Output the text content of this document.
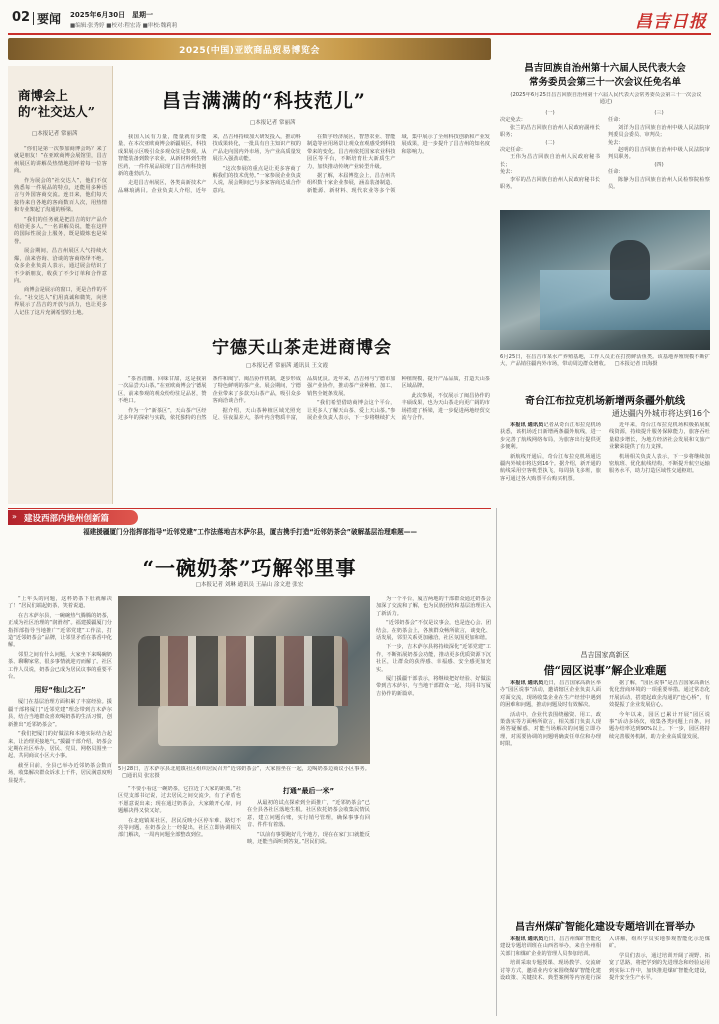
02 要闻 2025年6月30日 星期一
■编辑:张秀婷 ■校对:程宏涛 ■审校:魏莉莉	昌吉日报
2025(中国)亚欧商品贸易博览会
商博会上的“社交达人”
□本报记者 常丽茜

“你们是第一次参加商博会吗？来了就是朋友！”在亚欧商博会展馆里，昌吉州展区的讲解员热情地招呼着每一位客商。

作为展会的“社交达人”，他们不仅熟悉每一件展品的特点，还能用多种语言与外国客商交流。连日来，他们每天接待来自各地的客商数百人次，用热情和专业架起了沟通的桥梁。

“我们的任务就是把昌吉的好产品介绍给更多人。”一名讲解员说，能在这样的国际性展会上服务，既是锻炼也是荣誉。

展会期间，昌吉州展区人气持续火爆，前来咨询、洽谈的客商络绎不绝。众多企业负责人表示，通过展会结识了不少新朋友，收获了不少订单和合作意向。

商博会是展示的窗口，更是合作的平台。“社交达人”们用真诚和微笑，向世界展示了昌吉的开放与活力，也让更多人记住了这片充满希望的土地。

昌吉满满的“科技范儿”
□本报记者 常丽茜

我国人民有力量，能量就有步能量，在本次亚欧商博会新疆展区，科技成果展示区吸引众多观众驻足参观。从智能装备到数字农业，从新材料到生物医药，一件件展品展现了昌吉州科技创新的蓬勃活力。

走进昌吉州展区，各类高新技术产品琳琅满目。企业负责人介绍，近年来，昌吉州持续加大研发投入，推动科技成果转化，一批具有自主知识产权的产品走向国内外市场，为产业高质量发展注入强劲动能。

“这次参展的重点是让更多客商了解我们的技术优势。”一家参展企业负责人说，展会期间已与多家客商达成合作意向。

在数字经济展区，智慧农业、智能制造等应用场景让观众直观感受到科技带来的变化。昌吉州依托国家农业科技园区等平台，不断培育壮大新质生产力，加快推动传统产业转型升级。

据了解，本届博览会上，昌吉州共组织数十家企业参展，涵盖装备制造、新能源、新材料、现代农业等多个领域，集中展示了全州科技创新和产业发展成果，进一步提升了昌吉州的知名度和影响力。

宁德天山茶走进商博会
□本报记者 常丽茜 通讯员 王文霞

“茶香清幽、回味甘甜，这是我第一次品尝天山茶。”在亚欧商博会宁德展区，前来参观的观众纷纷驻足品茗，赞不绝口。

作为一个“新茶区”，天山茶产区经过多年的探索与实践，依托独特的自然条件和闽宁、闽昌协作机制，逐步形成了特色鲜明的茶产业。展会期间，宁德企业带来了多款天山茶产品，吸引众多客商洽谈合作。

据介绍，天山茶种植区域光照充足、昼夜温差大，茶叶内含物质丰富，品质优良。近年来，昌吉州与宁德市加强产业协作，推动茶产业种植、加工、销售全链条发展。

“我们希望借助商博会这个平台，让更多人了解天山茶、爱上天山茶。”参展企业负责人表示，下一步将继续扩大种植规模，提升产品品质，打造天山茶区域品牌。

此次参展，不仅展示了闽昌协作的丰硕成果，也为天山茶走向更广阔的市场搭建了桥梁，进一步促进两地经贸交流与合作。

昌吉回族自治州第十六届人民代表大会
常务委员会第三十一次会议任免名单
(2025年6月25日昌吉回族自治州第十六届人民代表大会常务委员会第三十一次会议通过)
(一)
决定免去：
张兰的昌吉回族自治州人民政府副州长职务；
(二)
决定任命：
王伟为昌吉回族自治州人民政府秘书长；
免去：
李军的昌吉回族自治州人民政府秘书长职务。
(三)
任命：
刘洋为昌吉回族自治州中级人民法院审判委员会委员、审判员；
免去：
赵明的昌吉回族自治州中级人民法院审判员职务。
(四)
任命：
陈静为昌吉回族自治州人民检察院检察员。
6月25日，在昌吉市某水产养殖基地，工作人员正在打捞鲜活鱼类。该基地养殖规模不断扩大，产品销往疆内外市场，带动周边群众增收。 □本报记者 田海摄
奇台江布拉克机场新增两条疆外航线
通达疆内外城市将达到16个

本报讯 通讯员记者从奇台江布拉克机场获悉，该机场近日新增两条疆外航线，进一步完善了航线网络布局，为旅客出行提供更多便利。

新航线开通后，奇台江布拉克机场通达疆内外城市将达到16个。据介绍，新开通的航线采用空客机型执飞，每周执飞多班，旅客可通过各大购票平台购买机票。

近年来，奇台江布拉克机场积极拓展航线资源，持续提升服务保障能力，旅客吞吐量稳步增长，为地方经济社会发展和文旅产业繁荣提供了有力支撑。

机场相关负责人表示，下一步将继续加密航班、优化航线结构，不断提升航空运输服务水平，助力打造区域性交通枢纽。

» 建设西部内地州创新篇
福建援疆厦门分指挥部指导“近邻党建”工作法落地吉木萨尔县，厦吉携手打造“近邻奶茶会”破解基层治理难题——
“一碗奶茶”巧解邻里事
□本报记者 刘琳 通讯员 王晶山 涂文进 张宏

“上年头的问题，这杯奶茶下肚就解决了！”居民们端起奶茶，笑着说道。

在吉木萨尔县，一碗碗热气腾腾的奶茶，正成为社区治理的“润滑剂”。福建援疆厦门分指挥部指导当地推广“近邻党建”工作法，打造“近邻奶茶会”品牌，让邻里矛盾在茶香中化解。

邻里之间有什么问题，大家坐下来喝碗奶茶、聊聊家常，很多事情就迎刃而解了。社区工作人员说，奶茶会已成为居民议事的重要平台。

用好“他山之石”

厦门在基层治理方面积累了丰富经验。援疆干部将厦门“近邻党建”理念带到吉木萨尔县，结合当地群众喜欢喝奶茶的生活习惯，创新推出“近邻奶茶会”。

“我们把厦门的好做法和本地实际结合起来，让治理更接地气。”援疆干部介绍，奶茶会定期在社区举办，居民、党员、网格员围坐一起，共同商议小区大小事。

截至目前，全县已举办近邻奶茶会数百场，收集解决群众诉求上千件，居民满意度明显提升。

5月28日，吉木萨尔县北庭镇社区组织居民召开“近邻奶茶会”，大家围坐在一起，边喝奶茶边商议小区事务。 □通讯员 张宏摄

“不要小看这一碗奶茶，它拉近了大家的距离。”社区党支部书记说，过去居民之间交流少，有了矛盾也不愿意说出来；现在通过奶茶会，大家敞开心扉，问题解决得又快又好。

在北庭镇某社区，居民反映小区停车难、路灯不亮等问题，在奶茶会上一经提出，社区立即协调相关部门解决，一周内问题全部整改到位。

打通“最后一米”

从最初的试点探索到全面推广，“近邻奶茶会”已在全县各社区落地生根。社区依托奶茶会收集民情民意，建立问题台账，实行销号管理，确保事事有回音、件件有着落。

“以前有事要跑好几个地方，现在在家门口就能反映，还能当面听到答复。”居民们说。

为一个平台，厦吉两地的干部群众通过奶茶会加深了交流和了解，也为民族团结和基层治理注入了新活力。

“近邻奶茶会”不仅是议事会，也是连心会、团结会。在奶茶会上，各族群众畅所欲言，谈变化、话发展，邻里关系更加融洽，社区氛围更加和谐。

下一步，吉木萨尔县将持续深化“近邻党建”工作，不断拓展奶茶会功能，推动更多优质资源下沉社区，让群众的获得感、幸福感、安全感更加充实。

厦门援疆干部表示，将继续把好经验、好做法带到吉木萨尔，与当地干部群众一起，共同书写厦吉协作的新篇章。

昌吉国家高新区
借“园区说事”解企业难题

本报讯 通讯员近日，昌吉国家高新区举办“园区说事”活动，邀请辖区企业负责人面对面交流，现场收集企业在生产经营中遇到的困难和问题，推动问题及时有效解决。

活动中，企业代表围绕融资、用工、政策落实等方面畅所欲言，相关部门负责人现场答疑解惑，对能当场解决的问题立即办理，对需要协调的问题明确责任单位和办理时限。

据了解，“园区说事”是昌吉国家高新区优化营商环境的一项重要举措。通过常态化开展活动，搭建起政企沟通的“连心桥”，有效提振了企业发展信心。

今年以来，园区已累计开展“园区说事”活动多场次，收集各类问题上百条，问题办结率达到90%以上。下一步，园区将持续完善服务机制，助力企业高质量发展。

昌吉州煤矿智能化建设专题培训在晋举办

本报讯 通讯员近日，昌吉州煤矿智能化建设专题培训班在山西省举办，来自全州相关部门和煤矿企业的管理人员参加培训。

培训采取专题授课、现场教学、交流研讨等方式，邀请业内专家围绕煤矿智能化建设政策、关键技术、典型案例等内容进行深入讲解，组织学员实地参观智能化示范煤矿。

学员们表示，通过培训开阔了视野、拓宽了思路，将把学到的先进理念和经验运用到实际工作中，加快推进煤矿智能化建设，提升安全生产水平。
